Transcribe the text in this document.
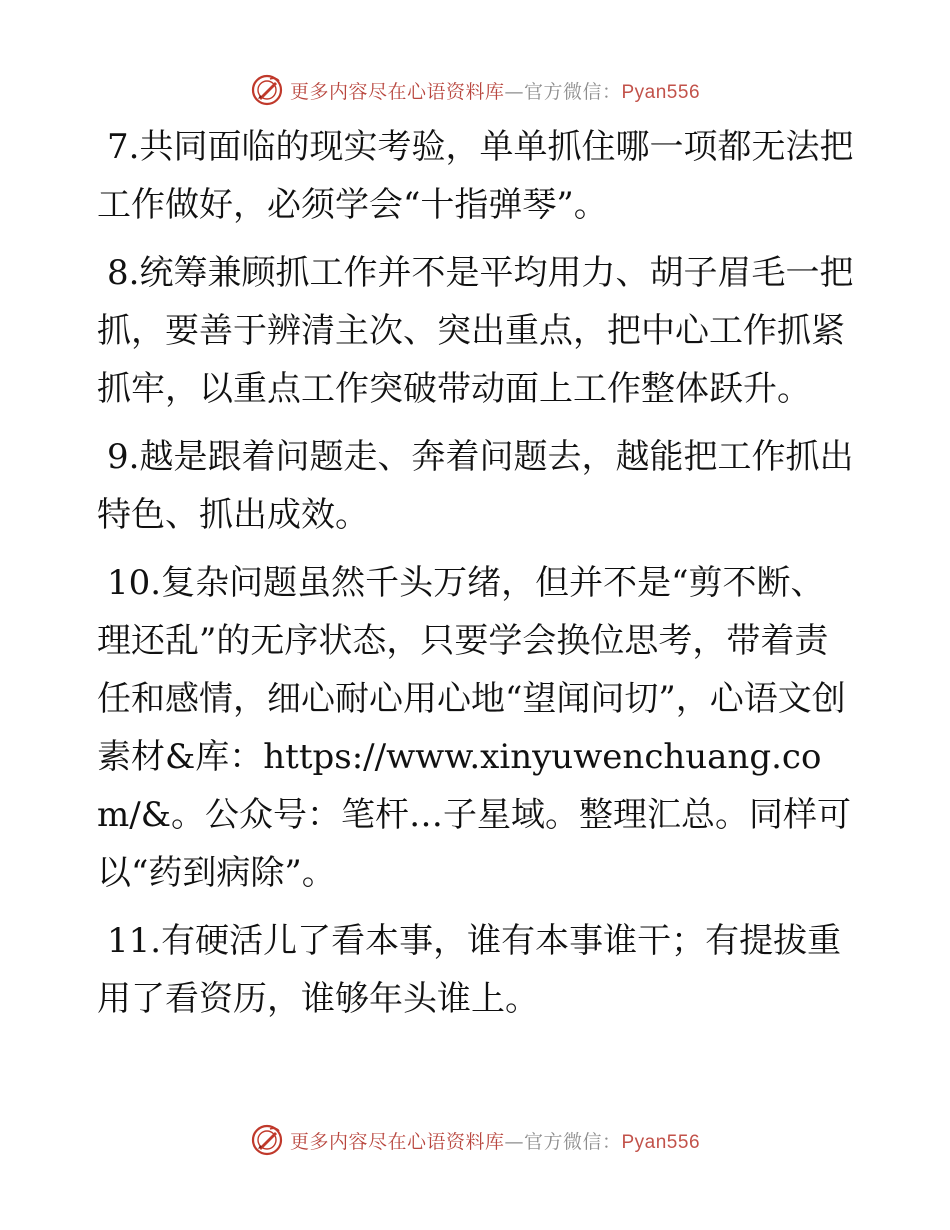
更多内容尽在心语资料库—官方微信：Pyan556

7.共同面临的现实考验，单单抓住哪一项都无法把工作做好，必须学会“十指弹琴”。

8.统筹兼顾抓工作并不是平均用力、胡子眉毛一把抓，要善于辨清主次、突出重点，把中心工作抓紧抓牢，以重点工作突破带动面上工作整体跃升。

9.越是跟着问题走、奔着问题去，越能把工作抓出特色、抓出成效。

10.复杂问题虽然千头万绪，但并不是“剪不断、理还乱”的无序状态，只要学会换位思考，带着责任和感情，细心耐心用心地“望闻问切”，心语文创素材&库：https://www.xinyuwenchuang.com/&。公众号：笔杆…子星域。整理汇总。同样可以“药到病除”。

11.有硬活儿了看本事，谁有本事谁干；有提拔重用了看资历，谁够年头谁上。

更多内容尽在心语资料库—官方微信：Pyan556
